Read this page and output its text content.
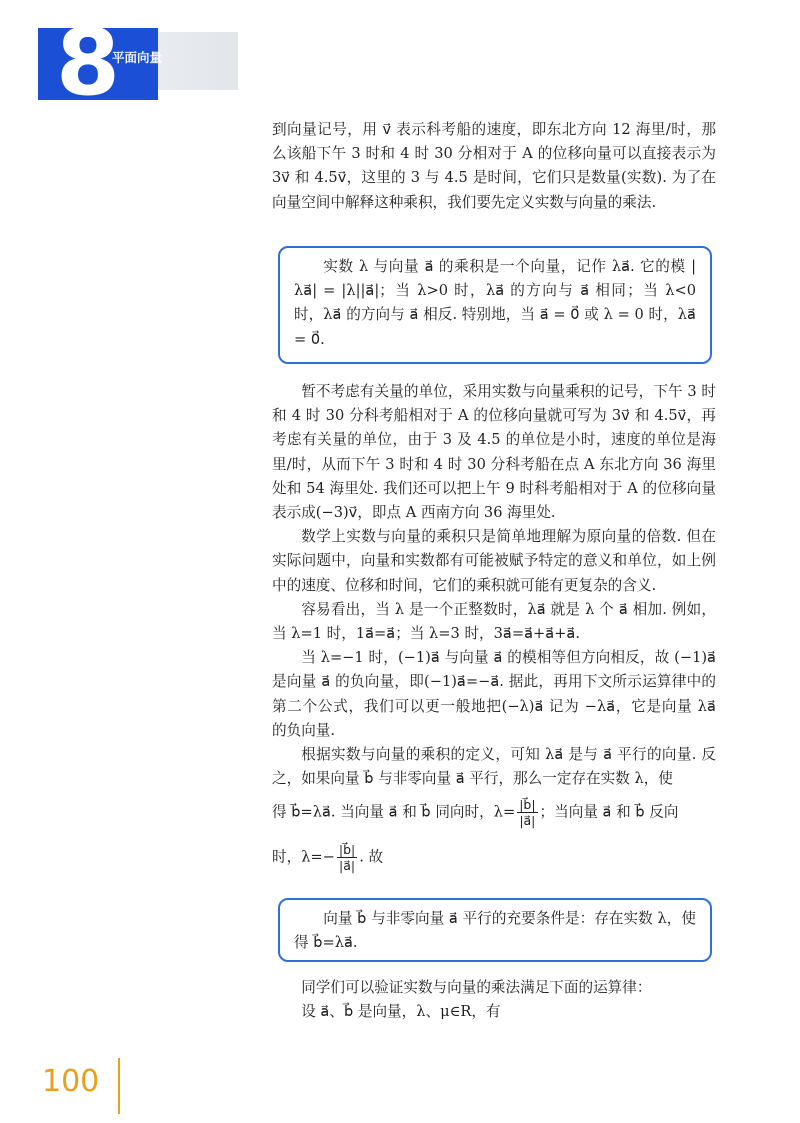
8
平面向量

到向量记号，用 v⃗ 表示科考船的速度，即东北方向 12 海里/时，那么该船下午 3 时和 4 时 30 分相对于 A 的位移向量可以直接表示为 3v⃗ 和 4.5v⃗，这里的 3 与 4.5 是时间，它们只是数量(实数). 为了在向量空间中解释这种乘积，我们要先定义实数与向量的乘法.

实数 λ 与向量 a⃗ 的乘积是一个向量，记作 λa⃗. 它的模 |λa⃗| = |λ||a⃗|；当 λ>0 时，λa⃗ 的方向与 a⃗ 相同；当 λ<0 时，λa⃗ 的方向与 a⃗ 相反. 特别地，当 a⃗ = 0⃗ 或 λ = 0 时，λa⃗ = 0⃗.

暂不考虑有关量的单位，采用实数与向量乘积的记号，下午 3 时和 4 时 30 分科考船相对于 A 的位移向量就可写为 3v⃗ 和 4.5v⃗，再考虑有关量的单位，由于 3 及 4.5 的单位是小时，速度的单位是海里/时，从而下午 3 时和 4 时 30 分科考船在点 A 东北方向 36 海里处和 54 海里处. 我们还可以把上午 9 时科考船相对于 A 的位移向量表示成(−3)v⃗，即点 A 西南方向 36 海里处.

数学上实数与向量的乘积只是简单地理解为原向量的倍数. 但在实际问题中，向量和实数都有可能被赋予特定的意义和单位，如上例中的速度、位移和时间，它们的乘积就可能有更复杂的含义.

容易看出，当 λ 是一个正整数时，λa⃗ 就是 λ 个 a⃗ 相加. 例如，当 λ=1 时，1a⃗=a⃗；当 λ=3 时，3a⃗=a⃗+a⃗+a⃗.

当 λ=−1 时，(−1)a⃗ 与向量 a⃗ 的模相等但方向相反，故 (−1)a⃗ 是向量 a⃗ 的负向量，即(−1)a⃗=−a⃗. 据此，再用下文所示运算律中的第二个公式，我们可以更一般地把(−λ)a⃗ 记为 −λa⃗，它是向量 λa⃗ 的负向量.

根据实数与向量的乘积的定义，可知 λa⃗ 是与 a⃗ 平行的向量. 反之，如果向量 b⃗ 与非零向量 a⃗ 平行，那么一定存在实数 λ，使

得 b⃗=λa⃗. 当向量 a⃗ 和 b⃗ 同向时，$\lambda= \frac{|b⃗|}{|a⃗|}$ ；当向量 a⃗ 和 b⃗ 反向

时，$\lambda=- \frac{|b⃗|}{|a⃗|}$ . 故

向量 b⃗ 与非零向量 a⃗ 平行的充要条件是：存在实数 λ，使得 b⃗=λa⃗.

同学们可以验证实数与向量的乘法满足下面的运算律：

设 a⃗、b⃗ 是向量，λ、μ∈R，有

100
